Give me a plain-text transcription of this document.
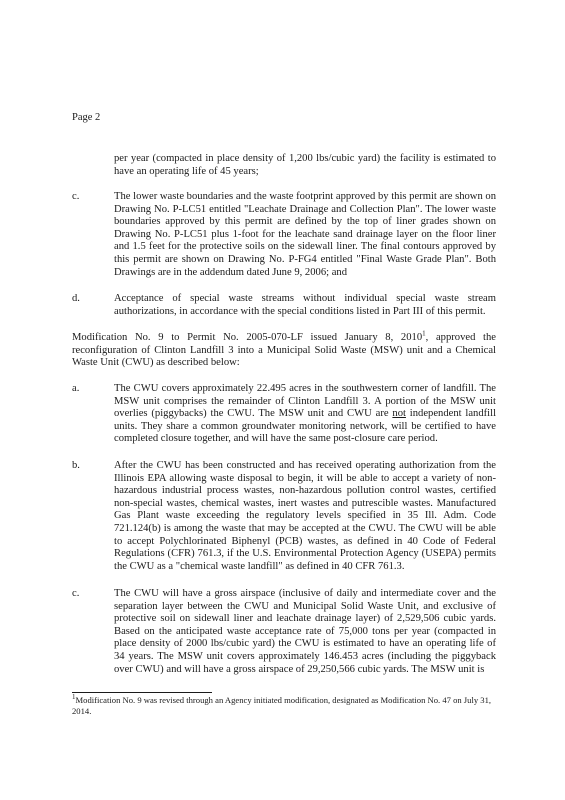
Page 2

per year (compacted in place density of 1,200 lbs/cubic yard) the facility is estimated to have an operating life of 45 years;

c.	The lower waste boundaries and the waste footprint approved by this permit are shown on Drawing No. P-LC51 entitled "Leachate Drainage and Collection Plan". The lower waste boundaries approved by this permit are defined by the top of liner grades shown on Drawing No. P-LC51 plus 1-foot for the leachate sand drainage layer on the floor liner and 1.5 feet for the protective soils on the sidewall liner. The final contours approved by this permit are shown on Drawing No. P-FG4 entitled "Final Waste Grade Plan". Both Drawings are in the addendum dated June 9, 2006; and

d.	Acceptance of special waste streams without individual special waste stream authorizations, in accordance with the special conditions listed in Part III of this permit.

Modification No. 9 to Permit No. 2005-070-LF issued January 8, 2010$^1$, approved the reconfiguration of Clinton Landfill 3 into a Municipal Solid Waste (MSW) unit and a Chemical Waste Unit (CWU) as described below:

a.	The CWU covers approximately 22.495 acres in the southwestern corner of landfill. The MSW unit comprises the remainder of Clinton Landfill 3. A portion of the MSW unit overlies (piggybacks) the CWU. The MSW unit and CWU are not independent landfill units. They share a common groundwater monitoring network, will be certified to have completed closure together, and will have the same post-closure care period.

b.	After the CWU has been constructed and has received operating authorization from the Illinois EPA allowing waste disposal to begin, it will be able to accept a variety of non-hazardous industrial process wastes, non-hazardous pollution control wastes, certified non-special wastes, chemical wastes, inert wastes and putrescible wastes. Manufactured Gas Plant waste exceeding the regulatory levels specified in 35 Ill. Adm. Code 721.124(b) is among the waste that may be accepted at the CWU. The CWU will be able to accept Polychlorinated Biphenyl (PCB) wastes, as defined in 40 Code of Federal Regulations (CFR) 761.3, if the U.S. Environmental Protection Agency (USEPA) permits the CWU as a "chemical waste landfill" as defined in 40 CFR 761.3.

c.	The CWU will have a gross airspace (inclusive of daily and intermediate cover and the separation layer between the CWU and Municipal Solid Waste Unit, and exclusive of protective soil on sidewall liner and leachate drainage layer) of 2,529,506 cubic yards. Based on the anticipated waste acceptance rate of 75,000 tons per year (compacted in place density of 2000 lbs/cubic yard) the CWU is estimated to have an operating life of 34 years. The MSW unit covers approximately 146.453 acres (including the piggyback over CWU) and will have a gross airspace of 29,250,566 cubic yards. The MSW unit is

$^1$Modification No. 9 was revised through an Agency initiated modification, designated as Modification No. 47 on July 31, 2014.
